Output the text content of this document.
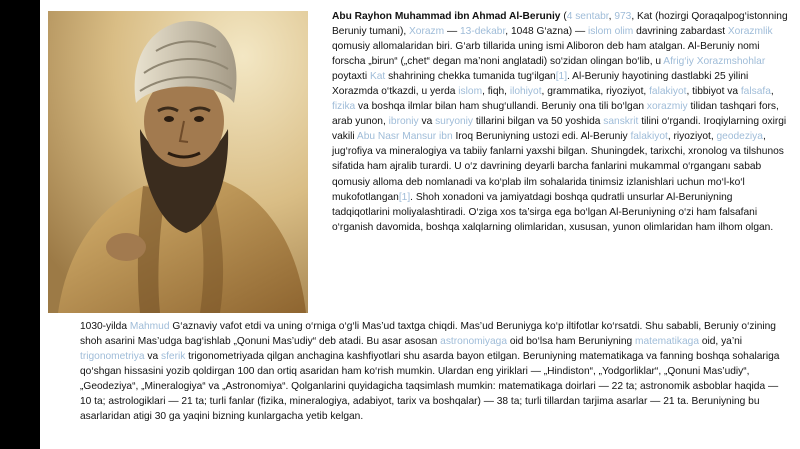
Abu Rayhon Muhammad ibn Ahmad Al-Beruniy (4 sentabr, 973, Kat (hozirgi Qoraqalpog‘istonning Beruniy tumani), Xorazm — 13-dekabr, 1048 G‘azna) — islom olim davrining zabardast Xorazmlik qomusiy allomalaridan biri. G‘arb tillarida uning ismi Aliboron deb ham atalgan. Al-Beruniy nomi forscha „birun“ („chet“ degan ma’noni anglatadi) so‘zidan olingan bo‘lib, u Afrig‘iy Xorazmshohlar poytaxti Kat shahrining chekka tumanida tug‘ilgan[1]. Al-Beruniy hayotining dastlabki 25 yilini Xorazmda o‘tkazdi, u yerda islom, fiqh, ilohiyot, grammatika, riyoziyot, falakiyot, tibbiyot va falsafa, fizika va boshqa ilmlar bilan ham shug‘ullandi. Beruniy ona tili bo‘lgan xorazmiy tilidan tashqari fors, arab yunon, ibroniy va suryoniy tillarini bilgan va 50 yoshida sanskrit tilini o‘rgandi. Iroqiylarning oxirgi vakili Abu Nasr Mansur ibn Iroq Beruniyning ustozi edi. Al-Beruniy falakiyot, riyoziyot, geodeziya, jug‘rofiya va mineralogiya va tabiiy fanlarni yaxshi bilgan. Shuningdek, tarixchi, xronolog va tilshunos sifatida ham ajralib turardi. U o‘z davrining deyarli barcha fanlarini mukammal o‘rganganı sabab qomusiy alloma deb nomlanadi va ko‘plab ilm sohalarida tinimsiz izlanishlari uchun mo‘l-ko‘l mukofotlangan[1]. Shoh xonadoni va jamiyatdagi boshqa qudratli unsurlar Al-Beruniyning tadqiqotlarini moliyalashtiradi. O‘ziga xos ta’sirga ega bo‘lgan Al-Beruniyning o‘zi ham falsafani o‘rganish davomida, boshqa xalqlarning olimlaridan, xususan, yunon olimlaridan ham ilhom olgan.

1030-yilda Mahmud G‘aznaviy vafot etdi va uning o‘rniga o‘g‘li Mas’ud taxtga chiqdi. Mas’ud Beruniyga ko‘p iltifotlar ko‘rsatdi. Shu sababli, Beruniy o‘zining shoh asarini Mas’udga bag‘ishlab „Qonuni Mas’udiy“ deb atadi. Bu asar asosan astronomiyaga oid bo‘lsa ham Beruniyning matematikaga oid, ya’ni trigonometriya va sferik trigonometriyada qilgan anchagina kashfiyotlari shu asarda bayon etilgan. Beruniyning matematikaga va fanning boshqa sohalariga qo‘shgan hissasini yozib qoldirgan 100 dan ortiq asaridan ham ko‘rish mumkin. Ulardan eng yiriklari — „Hindiston“, „Yodgorliklar“, „Qonuni Mas’udiy“, „Geodeziya“, „Mineralogiya“ va „Astronomiya“. Qolganlarini quyidagicha taqsimlash mumkin: matematikaga doirlari — 22 ta; astronomik asboblar haqida — 10 ta; astrologiklari — 21 ta; turli fanlar (fizika, mineralogiya, adabiyot, tarix va boshqalar) — 38 ta; turli tillardan tarjima asarlar — 21 ta. Beruniyning bu asarlaridan atigi 30 ga yaqini bizning kunlargacha yetib kelgan.
